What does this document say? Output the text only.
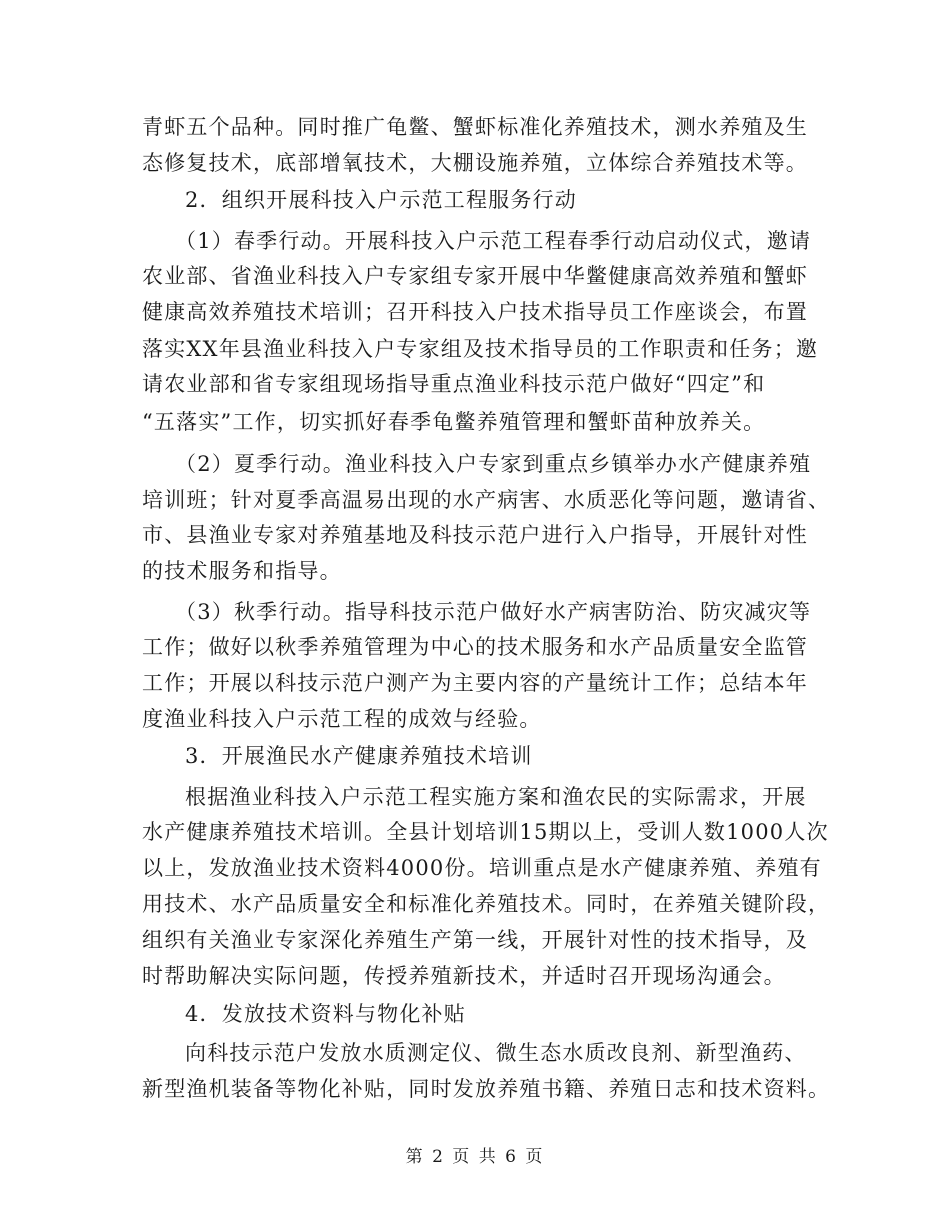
青虾五个品种。同时推广龟鳖、蟹虾标准化养殖技术，测水养殖及生
态修复技术，底部增氧技术，大棚设施养殖，立体综合养殖技术等。
2．组织开展科技入户示范工程服务行动
（1）春季行动。开展科技入户示范工程春季行动启动仪式，邀请
农业部、省渔业科技入户专家组专家开展中华鳖健康高效养殖和蟹虾
健康高效养殖技术培训；召开科技入户技术指导员工作座谈会，布置
落实XX年县渔业科技入户专家组及技术指导员的工作职责和任务；邀
请农业部和省专家组现场指导重点渔业科技示范户做好“四定”和
“五落实”工作，切实抓好春季龟鳖养殖管理和蟹虾苗种放养关。
（2）夏季行动。渔业科技入户专家到重点乡镇举办水产健康养殖
培训班；针对夏季高温易出现的水产病害、水质恶化等问题，邀请省、
市、县渔业专家对养殖基地及科技示范户进行入户指导，开展针对性
的技术服务和指导。
（3）秋季行动。指导科技示范户做好水产病害防治、防灾减灾等
工作；做好以秋季养殖管理为中心的技术服务和水产品质量安全监管
工作；开展以科技示范户测产为主要内容的产量统计工作；总结本年
度渔业科技入户示范工程的成效与经验。
3．开展渔民水产健康养殖技术培训
根据渔业科技入户示范工程实施方案和渔农民的实际需求，开展
水产健康养殖技术培训。全县计划培训15期以上，受训人数1000人次
以上，发放渔业技术资料4000份。培训重点是水产健康养殖、养殖有
用技术、水产品质量安全和标准化养殖技术。同时，在养殖关键阶段，
组织有关渔业专家深化养殖生产第一线，开展针对性的技术指导，及
时帮助解决实际问题，传授养殖新技术，并适时召开现场沟通会。
4．发放技术资料与物化补贴
向科技示范户发放水质测定仪、微生态水质改良剂、新型渔药、
新型渔机装备等物化补贴，同时发放养殖书籍、养殖日志和技术资料。
第 2 页 共 6 页
